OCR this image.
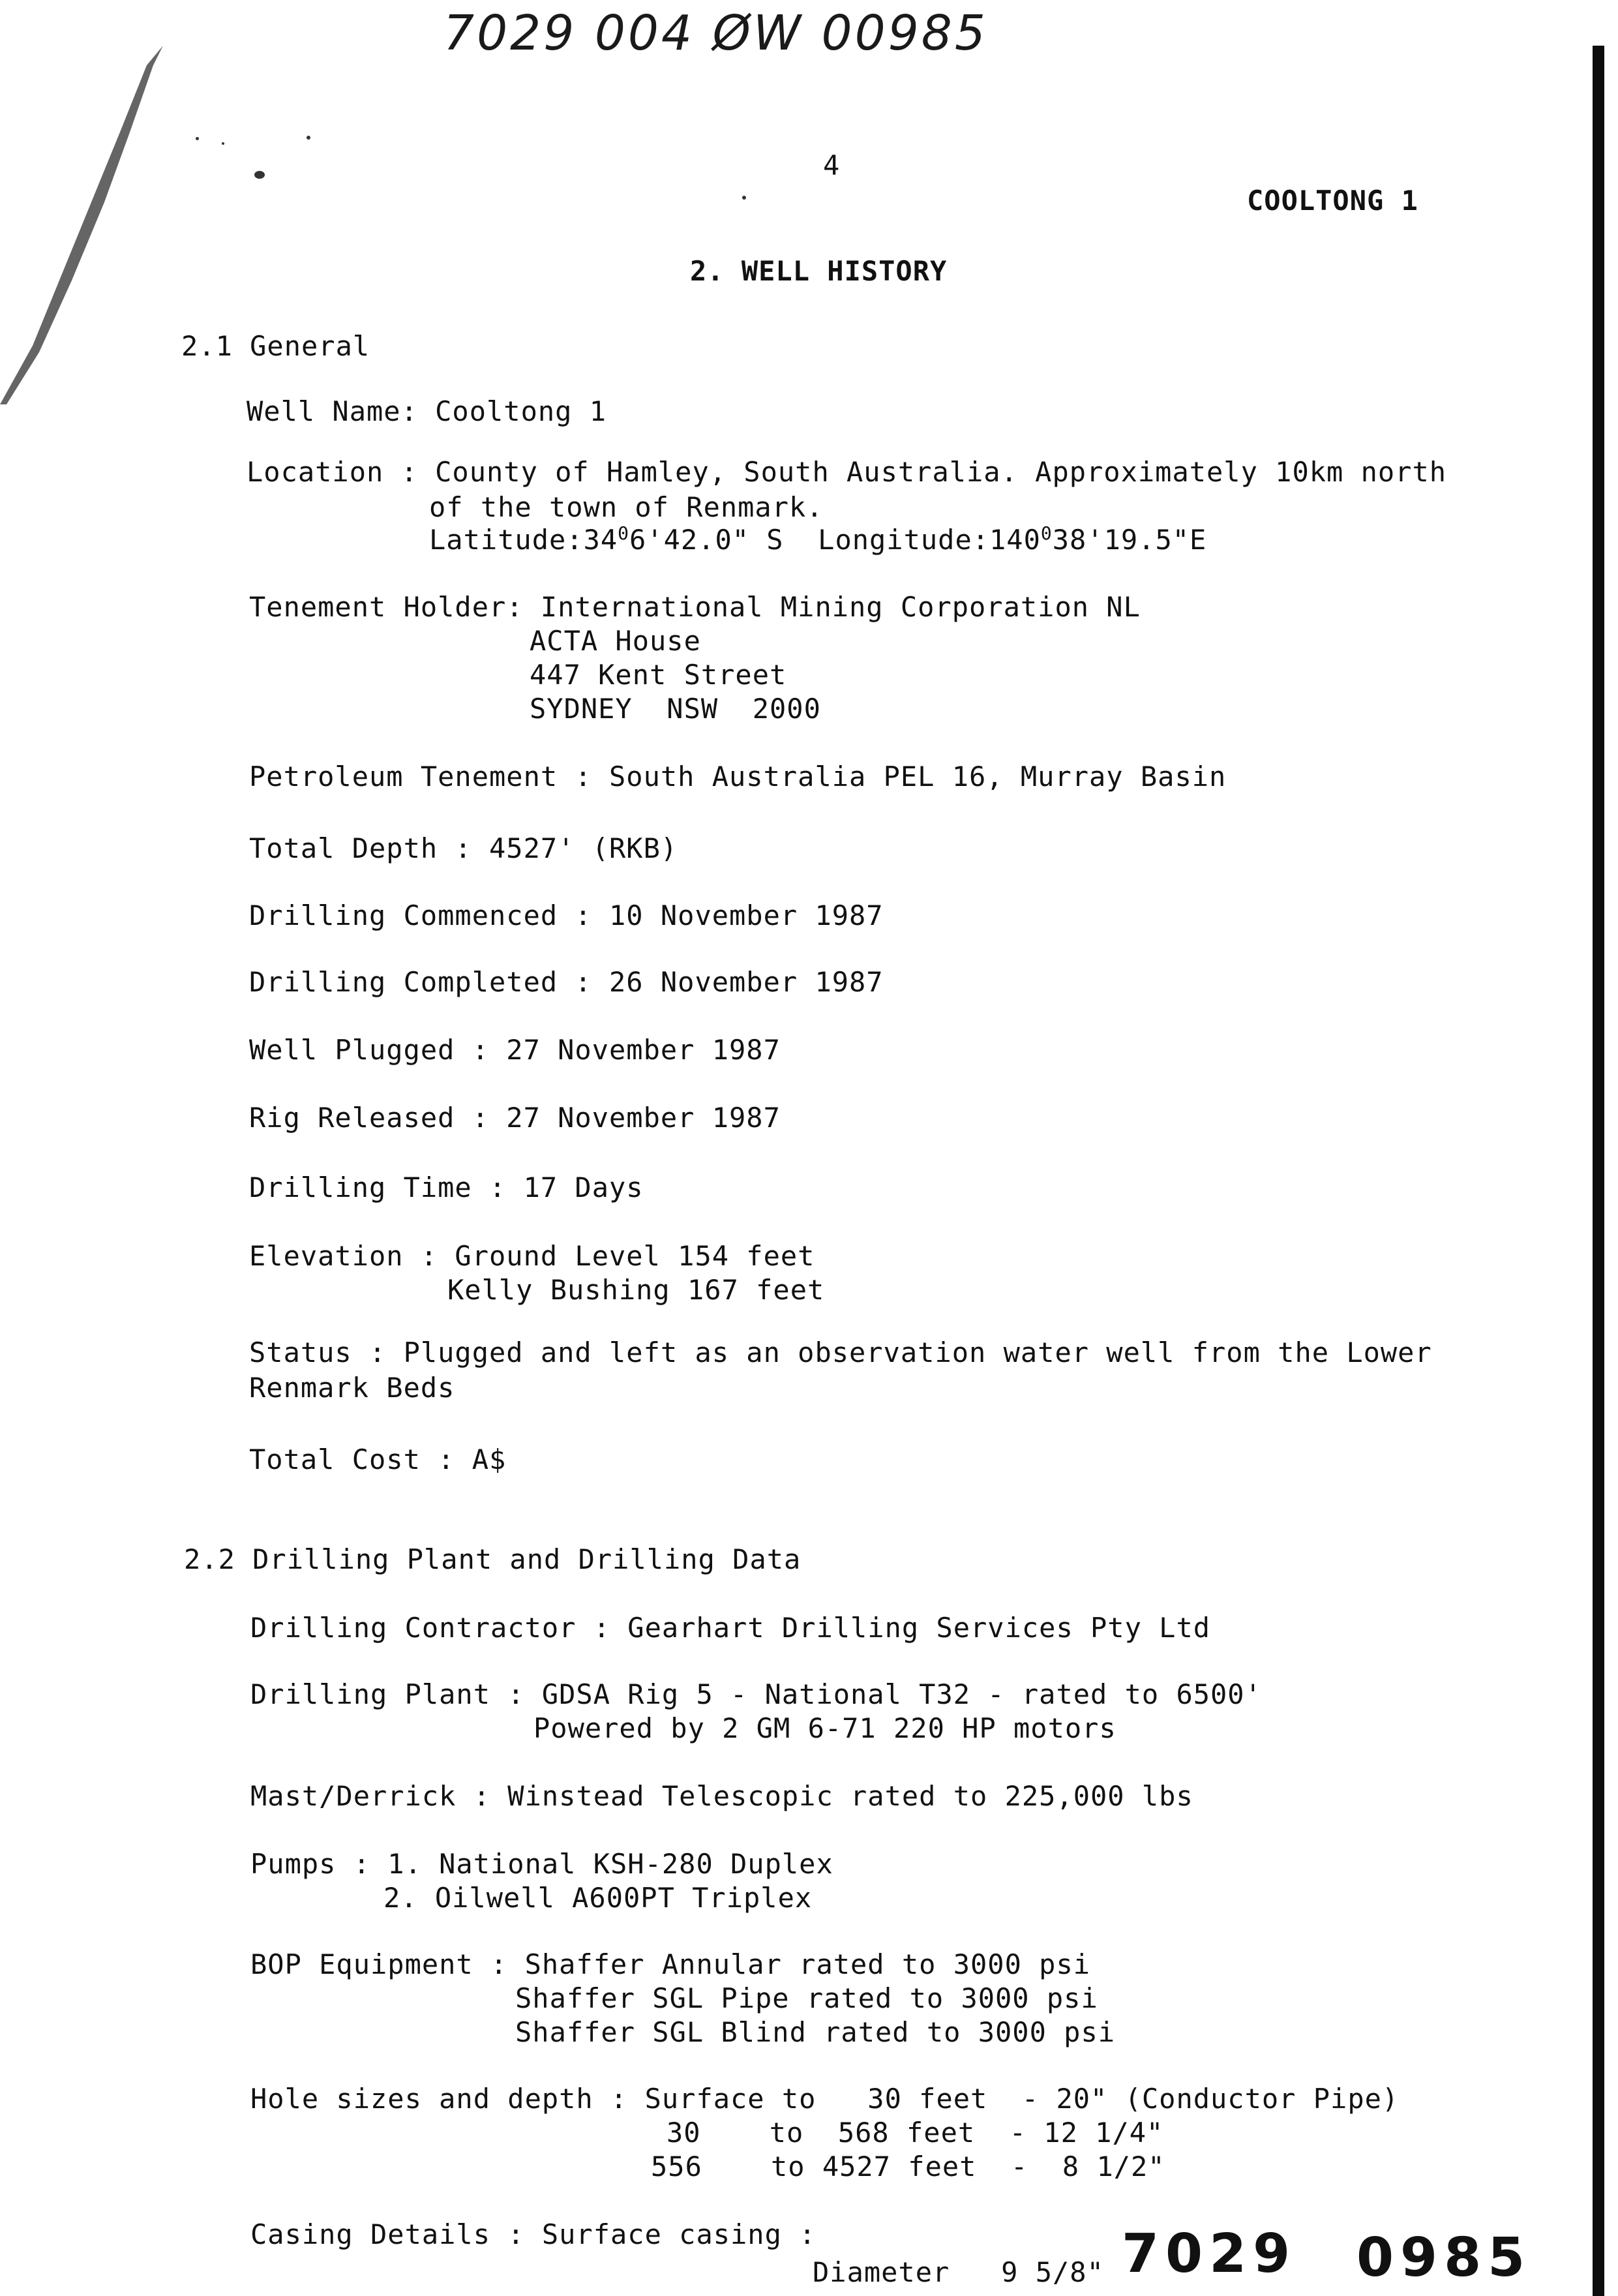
7029 004 ØW 00985
4
COOLTONG 1
2. WELL HISTORY
2.1 General
Well Name: Cooltong 1
Location : County of Hamley, South Australia. Approximately 10km north
of the town of Renmark.
$Latitude:34^06'42.0$" S  $Longitude:140^038'19.5"E$
Tenement Holder: International Mining Corporation NL
ACTA House
447 Kent Street
SYDNEY  NSW  2000
Petroleum Tenement : South Australia PEL 16, Murray Basin
Total Depth : 4527' (RKB)
Drilling Commenced : 10 November 1987
Drilling Completed : 26 November 1987
Well Plugged : 27 November 1987
Rig Released : 27 November 1987
Drilling Time : 17 Days
Elevation : Ground Level 154 feet
Kelly Bushing 167 feet
Status : Plugged and left as an observation water well from the Lower
Renmark Beds
Total Cost : A$
2.2 Drilling Plant and Drilling Data
Drilling Contractor : Gearhart Drilling Services Pty Ltd
Drilling Plant : GDSA Rig 5 - National T32 - rated to 6500'
Powered by 2 GM 6-71 220 HP motors
Mast/Derrick : Winstead Telescopic rated to 225,000 lbs
Pumps : 1. National KSH-280 Duplex
2. Oilwell A600PT Triplex
BOP Equipment : Shaffer Annular rated to 3000 psi
Shaffer SGL Pipe rated to 3000 psi
Shaffer SGL Blind rated to 3000 psi
Hole sizes and depth : Surface to   30 feet  - 20" (Conductor Pipe)
30    to  568 feet  - 12 1/4"
556    to 4527 feet  -  8 1/2"
Casing Details : Surface casing :
Diameter   9 5/8" 7029 0985
